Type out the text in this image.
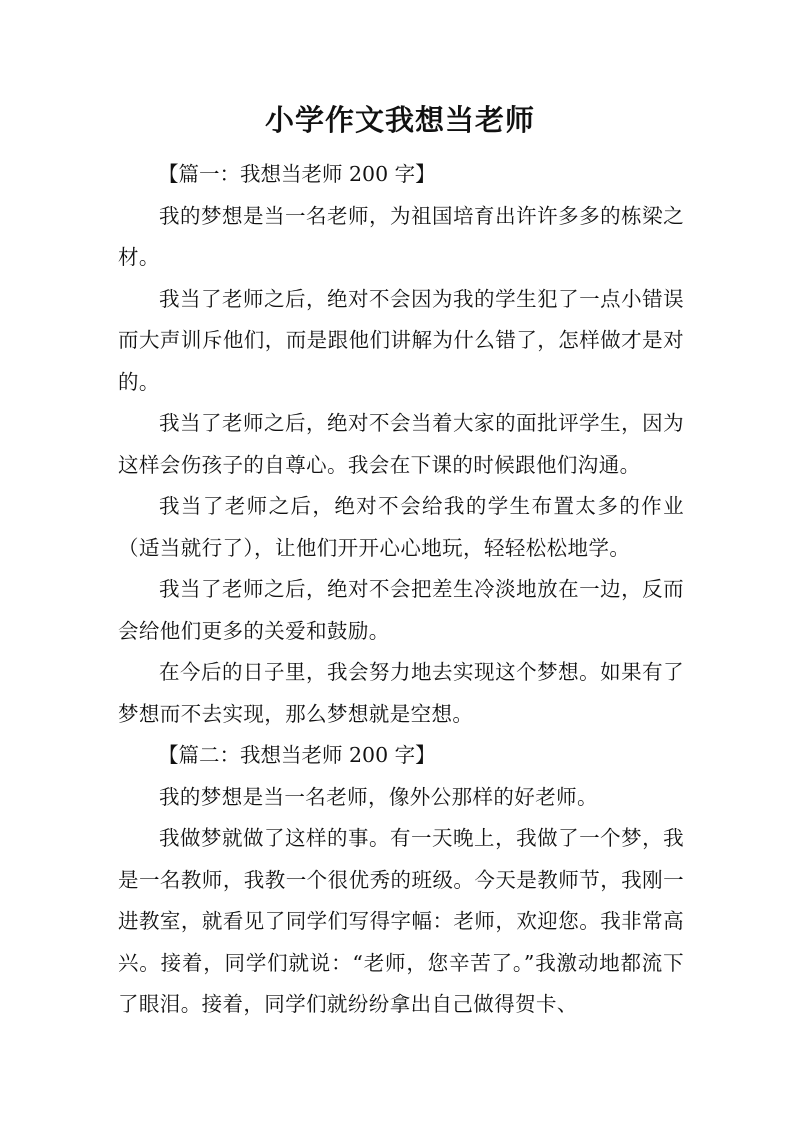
小学作文我想当老师
【篇一：我想当老师 200 字】

我的梦想是当一名老师，为祖国培育出许许多多的栋梁之材。

我当了老师之后，绝对不会因为我的学生犯了一点小错误而大声训斥他们，而是跟他们讲解为什么错了，怎样做才是对的。

我当了老师之后，绝对不会当着大家的面批评学生，因为这样会伤孩子的自尊心。我会在下课的时候跟他们沟通。

我当了老师之后，绝对不会给我的学生布置太多的作业（适当就行了），让他们开开心心地玩，轻轻松松地学。

我当了老师之后，绝对不会把差生冷淡地放在一边，反而会给他们更多的关爱和鼓励。

在今后的日子里，我会努力地去实现这个梦想。如果有了梦想而不去实现，那么梦想就是空想。

【篇二：我想当老师 200 字】

我的梦想是当一名老师，像外公那样的好老师。

我做梦就做了这样的事。有一天晚上，我做了一个梦，我是一名教师，我教一个很优秀的班级。今天是教师节，我刚一进教室，就看见了同学们写得字幅：老师，欢迎您。我非常高兴。接着，同学们就说：“老师，您辛苦了。”我激动地都流下了眼泪。接着，同学们就纷纷拿出自己做得贺卡、
